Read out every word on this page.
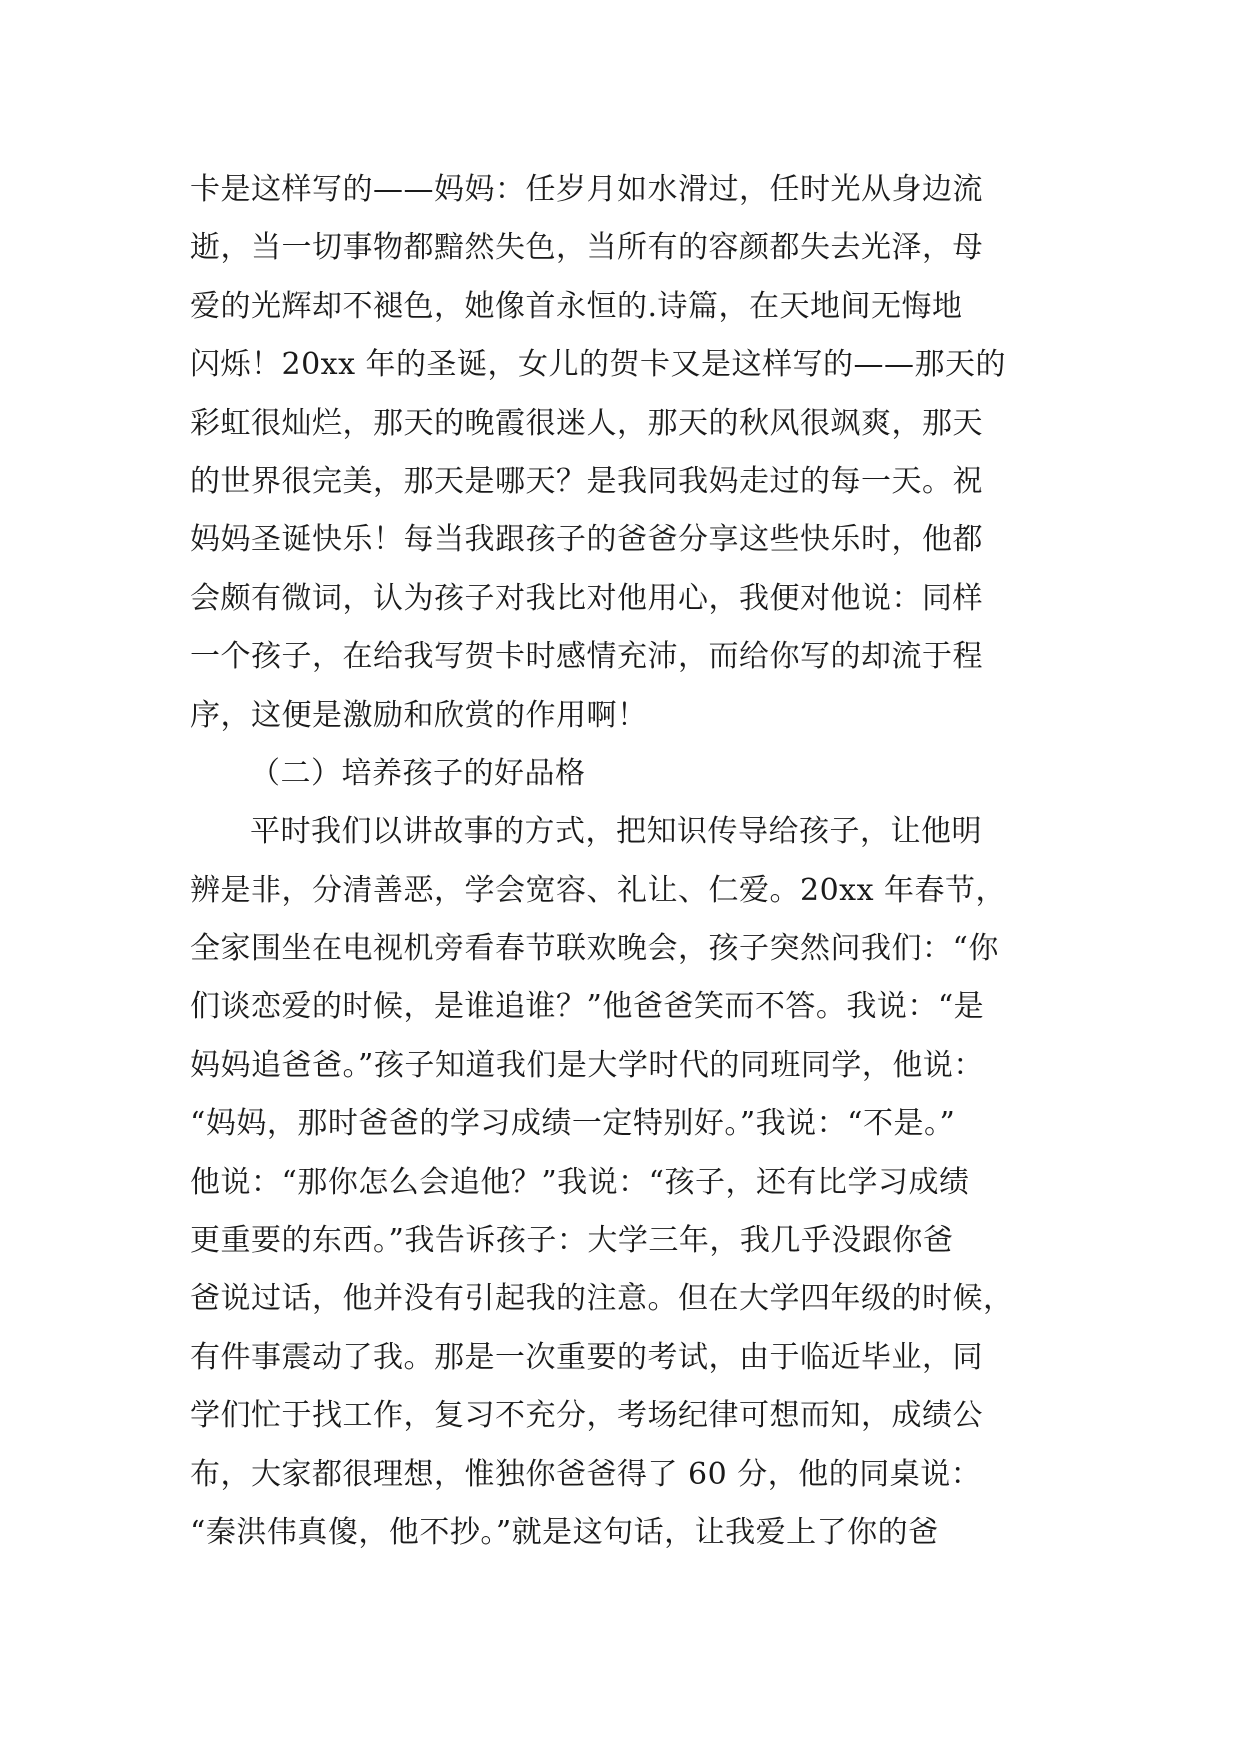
卡是这样写的——妈妈：任岁月如水滑过，任时光从身边流
逝，当一切事物都黯然失色，当所有的容颜都失去光泽，母
爱的光辉却不褪色，她像首永恒的.诗篇，在天地间无悔地
闪烁！20xx 年的圣诞，女儿的贺卡又是这样写的——那天的
彩虹很灿烂，那天的晚霞很迷人，那天的秋风很飒爽，那天
的世界很完美，那天是哪天？是我同我妈走过的每一天。祝
妈妈圣诞快乐！每当我跟孩子的爸爸分享这些快乐时，他都
会颇有微词，认为孩子对我比对他用心，我便对他说：同样
一个孩子，在给我写贺卡时感情充沛，而给你写的却流于程
序，这便是激励和欣赏的作用啊！
（二）培养孩子的好品格
平时我们以讲故事的方式，把知识传导给孩子，让他明
辨是非，分清善恶，学会宽容、礼让、仁爱。20xx 年春节，
全家围坐在电视机旁看春节联欢晚会，孩子突然问我们：“你
们谈恋爱的时候，是谁追谁？”他爸爸笑而不答。我说：“是
妈妈追爸爸。”孩子知道我们是大学时代的同班同学，他说：
“妈妈，那时爸爸的学习成绩一定特别好。”我说：“不是。”
他说：“那你怎么会追他？”我说：“孩子，还有比学习成绩
更重要的东西。”我告诉孩子：大学三年，我几乎没跟你爸
爸说过话，他并没有引起我的注意。但在大学四年级的时候，
有件事震动了我。那是一次重要的考试，由于临近毕业，同
学们忙于找工作，复习不充分，考场纪律可想而知，成绩公
布，大家都很理想，惟独你爸爸得了 60 分，他的同桌说：
“秦洪伟真傻，他不抄。”就是这句话，让我爱上了你的爸
